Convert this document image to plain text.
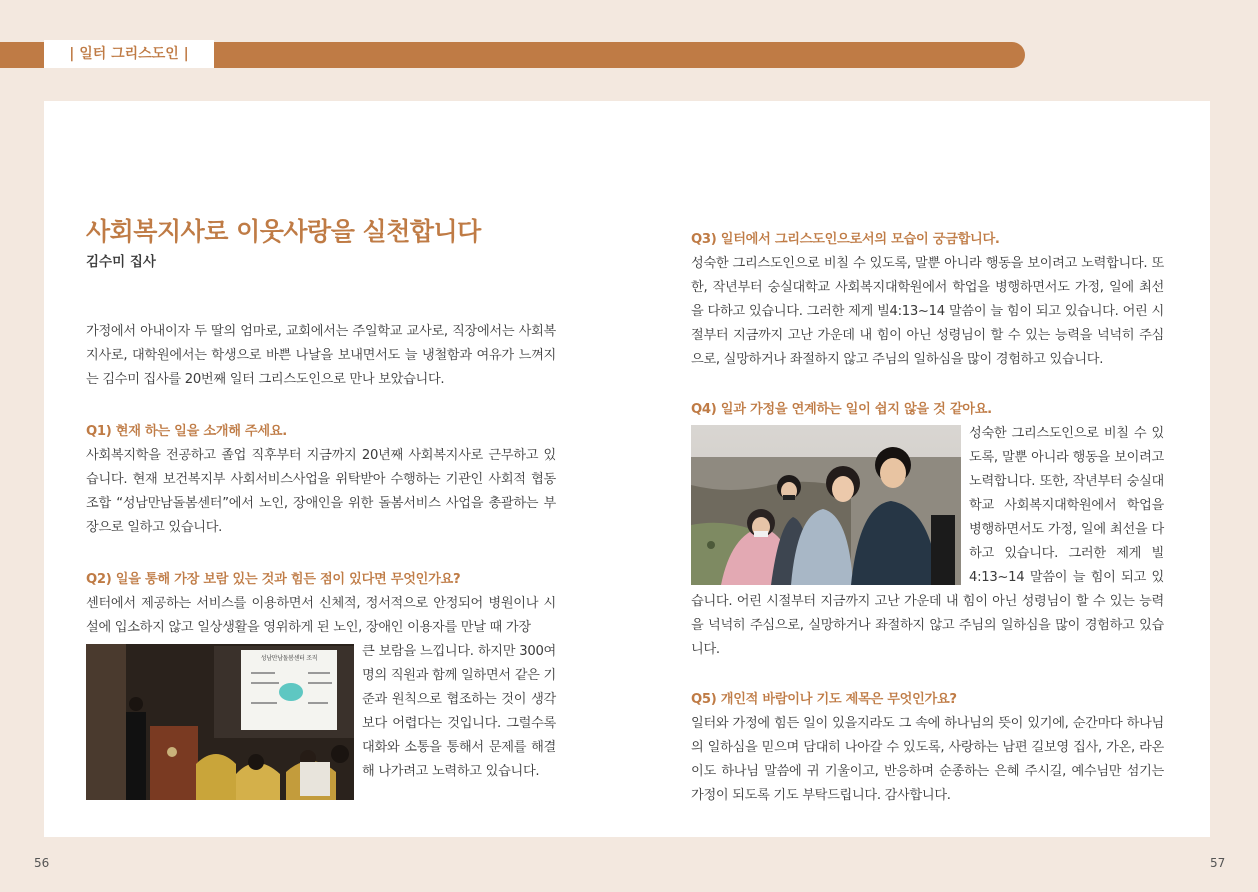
| 일터 그리스도인 |
사회복지사로 이웃사랑을 실천합니다
김수미 집사

가정에서 아내이자 두 딸의 엄마로, 교회에서는 주일학교 교사로, 직장에서는 사회복지사로, 대학원에서는 학생으로 바쁜 나날을 보내면서도 늘 냉철함과 여유가 느껴지는 김수미 집사를 20번째 일터 그리스도인으로 만나 보았습니다.

Q1) 현재 하는 일을 소개해 주세요.

사회복지학을 전공하고 졸업 직후부터 지금까지 20년째 사회복지사로 근무하고 있습니다. 현재 보건복지부 사회서비스사업을 위탁받아 수행하는 기관인 사회적 협동조합 “성남만남돌봄센터”에서 노인, 장애인을 위한 돌봄서비스 사업을 총괄하는 부장으로 일하고 있습니다.

Q2) 일을 통해 가장 보람 있는 것과 힘든 점이 있다면 무엇인가요?

센터에서 제공하는 서비스를 이용하면서 신체적, 정서적으로 안정되어 병원이나 시설에 입소하지 않고 일상생활을 영위하게 된 노인, 장애인 이용자를 만날 때 가장

성남만남돌봄센터 조직	큰 보람을 느낍니다. 하지만 300여 명의 직원과 함께 일하면서 같은 기준과 원칙으로 협조하는 것이 생각보다 어렵다는 것입니다. 그럴수록 대화와 소통을 통해서 문제를 해결해 나가려고 노력하고 있습니다.

Q3) 일터에서 그리스도인으로서의 모습이 궁금합니다.

성숙한 그리스도인으로 비칠 수 있도록, 말뿐 아니라 행동을 보이려고 노력합니다. 또한, 작년부터 숭실대학교 사회복지대학원에서 학업을 병행하면서도 가정, 일에 최선을 다하고 있습니다. 그러한 제게 빌4:13~14 말씀이 늘 힘이 되고 있습니다. 어린 시절부터 지금까지 고난 가운데 내 힘이 아닌 성령님이 할 수 있는 능력을 넉넉히 주심으로, 실망하거나 좌절하지 않고 주님의 일하심을 많이 경험하고 있습니다.

Q4) 일과 가정을 연계하는 일이 쉽지 않을 것 같아요.

성숙한 그리스도인으로 비칠 수 있도록, 말뿐 아니라 행동을 보이려고 노력합니다. 또한, 작년부터 숭실대학교 사회복지대학원에서 학업을 병행하면서도 가정, 일에 최선을 다하고 있습니다. 그러한 제게 빌4:13~14 말씀이 늘 힘이 되고 있습니다. 어린 시절부터 지금까지 고난 가운데 내 힘이 아닌 성령님이 할 수 있는 능력을 넉넉히 주심으로, 실망하거나 좌절하지 않고 주님의 일하심을 많이 경험하고 있습니다.

Q5) 개인적 바람이나 기도 제목은 무엇인가요?

일터와 가정에 힘든 일이 있을지라도 그 속에 하나님의 뜻이 있기에, 순간마다 하나님의 일하심을 믿으며 담대히 나아갈 수 있도록, 사랑하는 남편 길보영 집사, 가온, 라온이도 하나님 말씀에 귀 기울이고, 반응하며 순종하는 은혜 주시길, 예수님만 섬기는 가정이 되도록 기도 부탁드립니다. 감사합니다.

56	57
